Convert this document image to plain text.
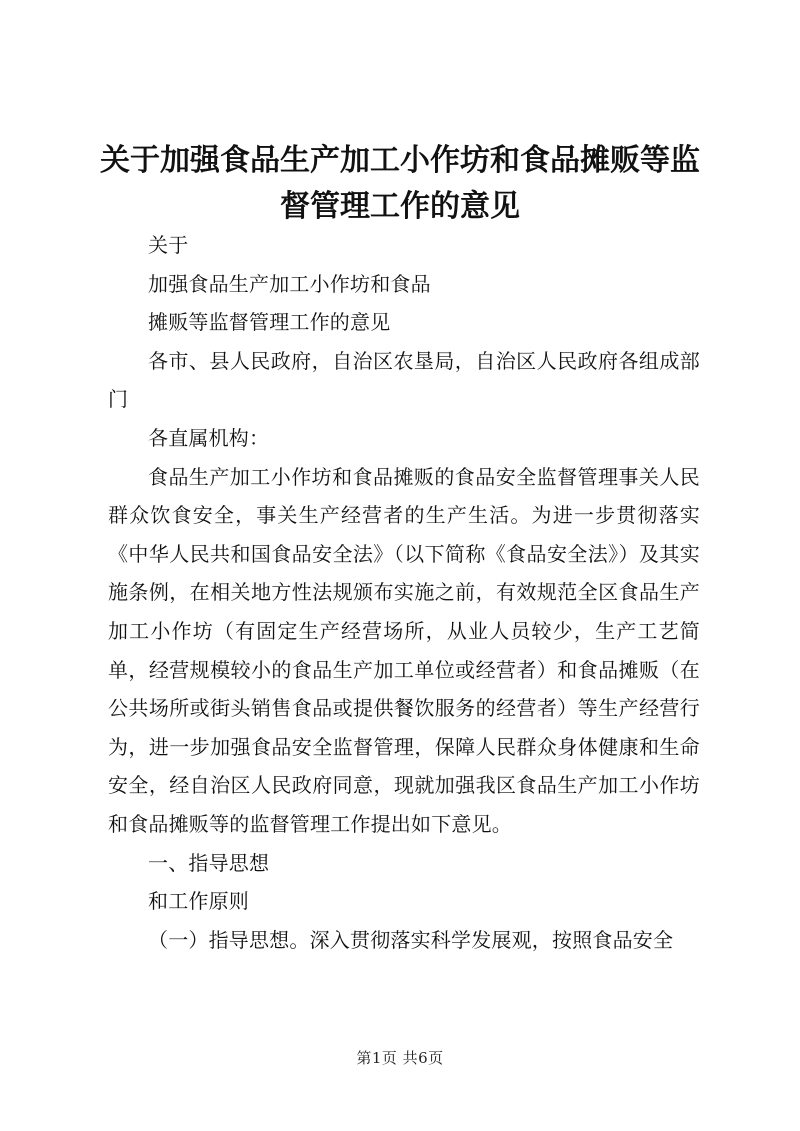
关于加强食品生产加工小作坊和食品摊贩等监
督管理工作的意见

关于

加强食品生产加工小作坊和食品

摊贩等监督管理工作的意见

各市、县人民政府，自治区农垦局，自治区人民政府各组成部门

各直属机构：

食品生产加工小作坊和食品摊贩的食品安全监督管理事关人民群众饮食安全，事关生产经营者的生产生活。为进一步贯彻落实《中华人民共和国食品安全法》（以下简称《食品安全法》）及其实施条例，在相关地方性法规颁布实施之前，有效规范全区食品生产加工小作坊（有固定生产经营场所，从业人员较少，生产工艺简单，经营规模较小的食品生产加工单位或经营者）和食品摊贩（在公共场所或街头销售食品或提供餐饮服务的经营者）等生产经营行为，进一步加强食品安全监督管理，保障人民群众身体健康和生命安全，经自治区人民政府同意，现就加强我区食品生产加工小作坊和食品摊贩等的监督管理工作提出如下意见。

一、指导思想

和工作原则

（一）指导思想。深入贯彻落实科学发展观，按照食品安全

第1页 共6页
